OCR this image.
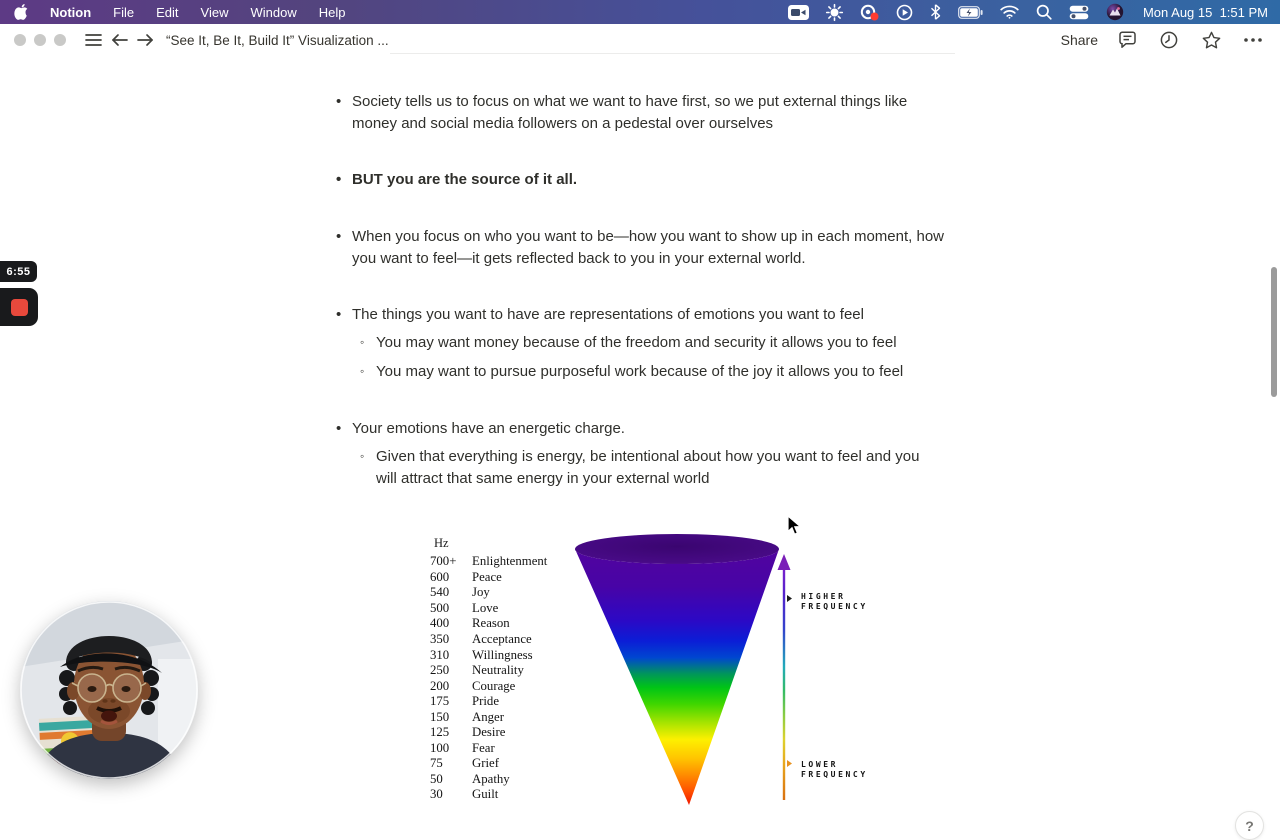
Notion File Edit View Window Help	Mon Aug 15  1:51 PM
“See It, Be It, Build It” Visualization ...	Share
• Society tells us to focus on what we want to have first, so we put external things like money and social media followers on a pedestal over ourselves
• BUT you are the source of it all.
• When you focus on who you want to be—how you want to show up in each moment, how you want to feel—it gets reflected back to you in your external world.
• The things you want to have are representations of emotions you want to feel
◦ You may want money because of the freedom and security it allows you to feel
◦ You may want to pursue purposeful work because of the joy it allows you to feel
• Your emotions have an energetic charge.
◦ Given that everything is energy, be intentional about how you want to feel and you will attract that same energy in your external world
Hz
700+	Enlightenment
600	Peace
540	Joy
500	Love
400	Reason
350	Acceptance
310	Willingness
250	Neutrality
200	Courage
175	Pride
150	Anger
125	Desire
100	Fear
75	Grief
50	Apathy
30	Guilt
HIGHER
FREQUENCY
LOWER
FREQUENCY
?
6:55
